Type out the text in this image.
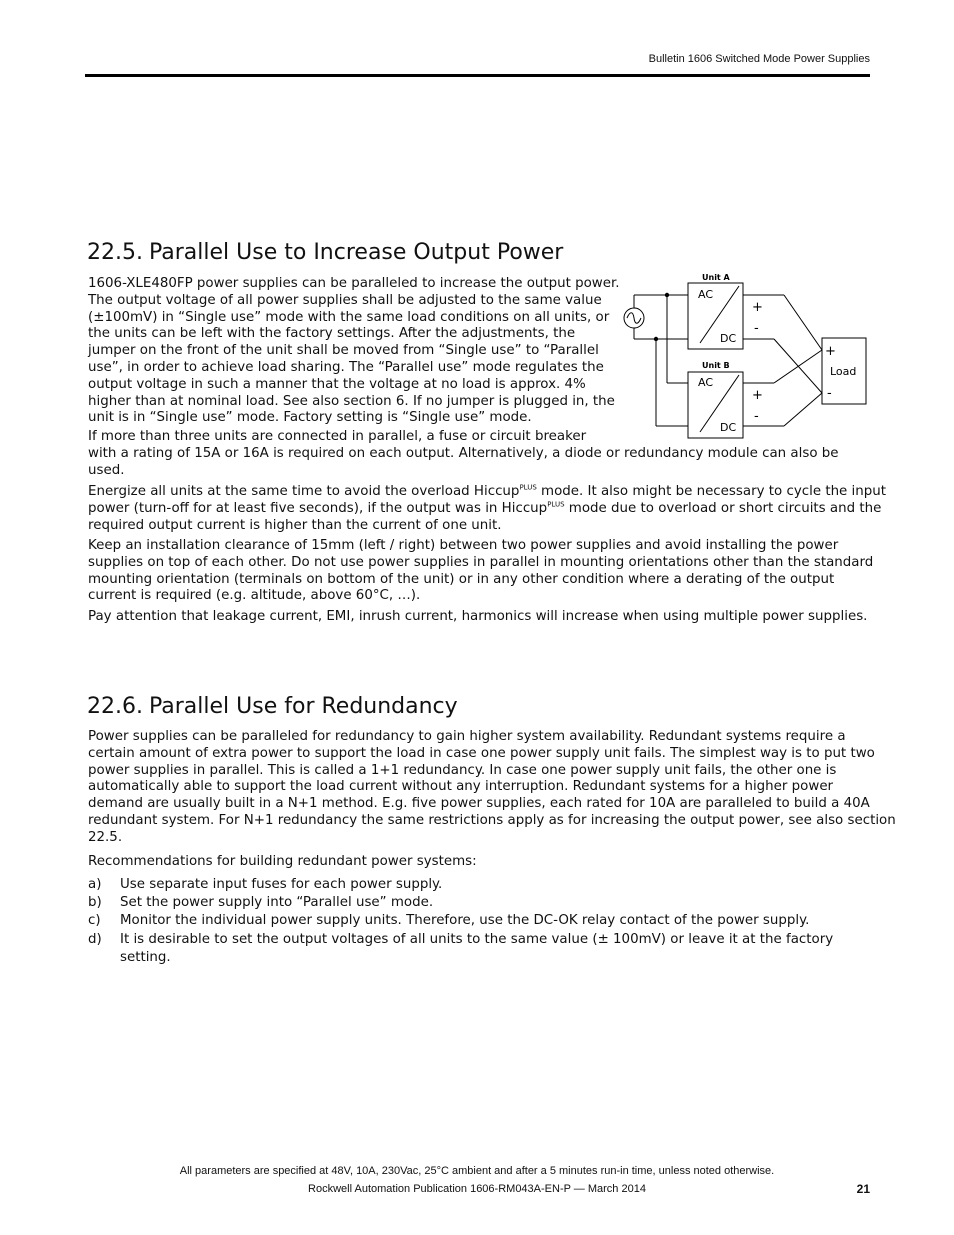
Bulletin 1606 Switched Mode Power Supplies
22.5. Parallel Use to Increase Output Power

1606-XLE480FP power supplies can be paralleled to increase the output power.
The output voltage of all power supplies shall be adjusted to the same value
(±100mV) in “Single use” mode with the same load conditions on all units, or
the units can be left with the factory settings. After the adjustments, the
jumper on the front of the unit shall be moved from “Single use” to “Parallel
use”, in order to achieve load sharing. The “Parallel use” mode regulates the
output voltage in such a manner that the voltage at no load is approx. 4%
higher than at nominal load. See also section 6. If no jumper is plugged in, the
unit is in “Single use” mode. Factory setting is “Single use” mode.

If more than three units are connected in parallel, a fuse or circuit breaker
with a rating of 15A or 16A is required on each output. Alternatively, a diode or redundancy module can also be
used.

Energize all units at the same time to avoid the overload Hiccup$^{PLUS}$ mode. It also might be necessary to cycle the input
power (turn-off for at least five seconds), if the output was in Hiccup$^{PLUS}$ mode due to overload or short circuits and the
required output current is higher than the current of one unit.

Keep an installation clearance of 15mm (left / right) between two power supplies and avoid installing the power
supplies on top of each other. Do not use power supplies in parallel in mounting orientations other than the standard
mounting orientation (terminals on bottom of the unit) or in any other condition where a derating of the output
current is required (e.g. altitude, above 60°C, …).

Pay attention that leakage current, EMI, inrush current, harmonics will increase when using multiple power supplies.

Unit A
Unit B
AC
DC
AC
DC
+
-
+
-
+
Load
-
22.6. Parallel Use for Redundancy

Power supplies can be paralleled for redundancy to gain higher system availability. Redundant systems require a
certain amount of extra power to support the load in case one power supply unit fails. The simplest way is to put two
power supplies in parallel. This is called a 1+1 redundancy. In case one power supply unit fails, the other one is
automatically able to support the load current without any interruption. Redundant systems for a higher power
demand are usually built in a N+1 method. E.g. five power supplies, each rated for 10A are paralleled to build a 40A
redundant system. For N+1 redundancy the same restrictions apply as for increasing the output power, see also section
22.5.

Recommendations for building redundant power systems:

a)	Use separate input fuses for each power supply.
b)	Set the power supply into “Parallel use” mode.
c)	Monitor the individual power supply units. Therefore, use the DC-OK relay contact of the power supply.
d)	It is desirable to set the output voltages of all units to the same value (± 100mV) or leave it at the factory setting.
All parameters are specified at 48V, 10A, 230Vac, 25°C ambient and after a 5 minutes run-in time, unless noted otherwise.
Rockwell Automation Publication 1606-RM043A-EN-P — March 2014	21
